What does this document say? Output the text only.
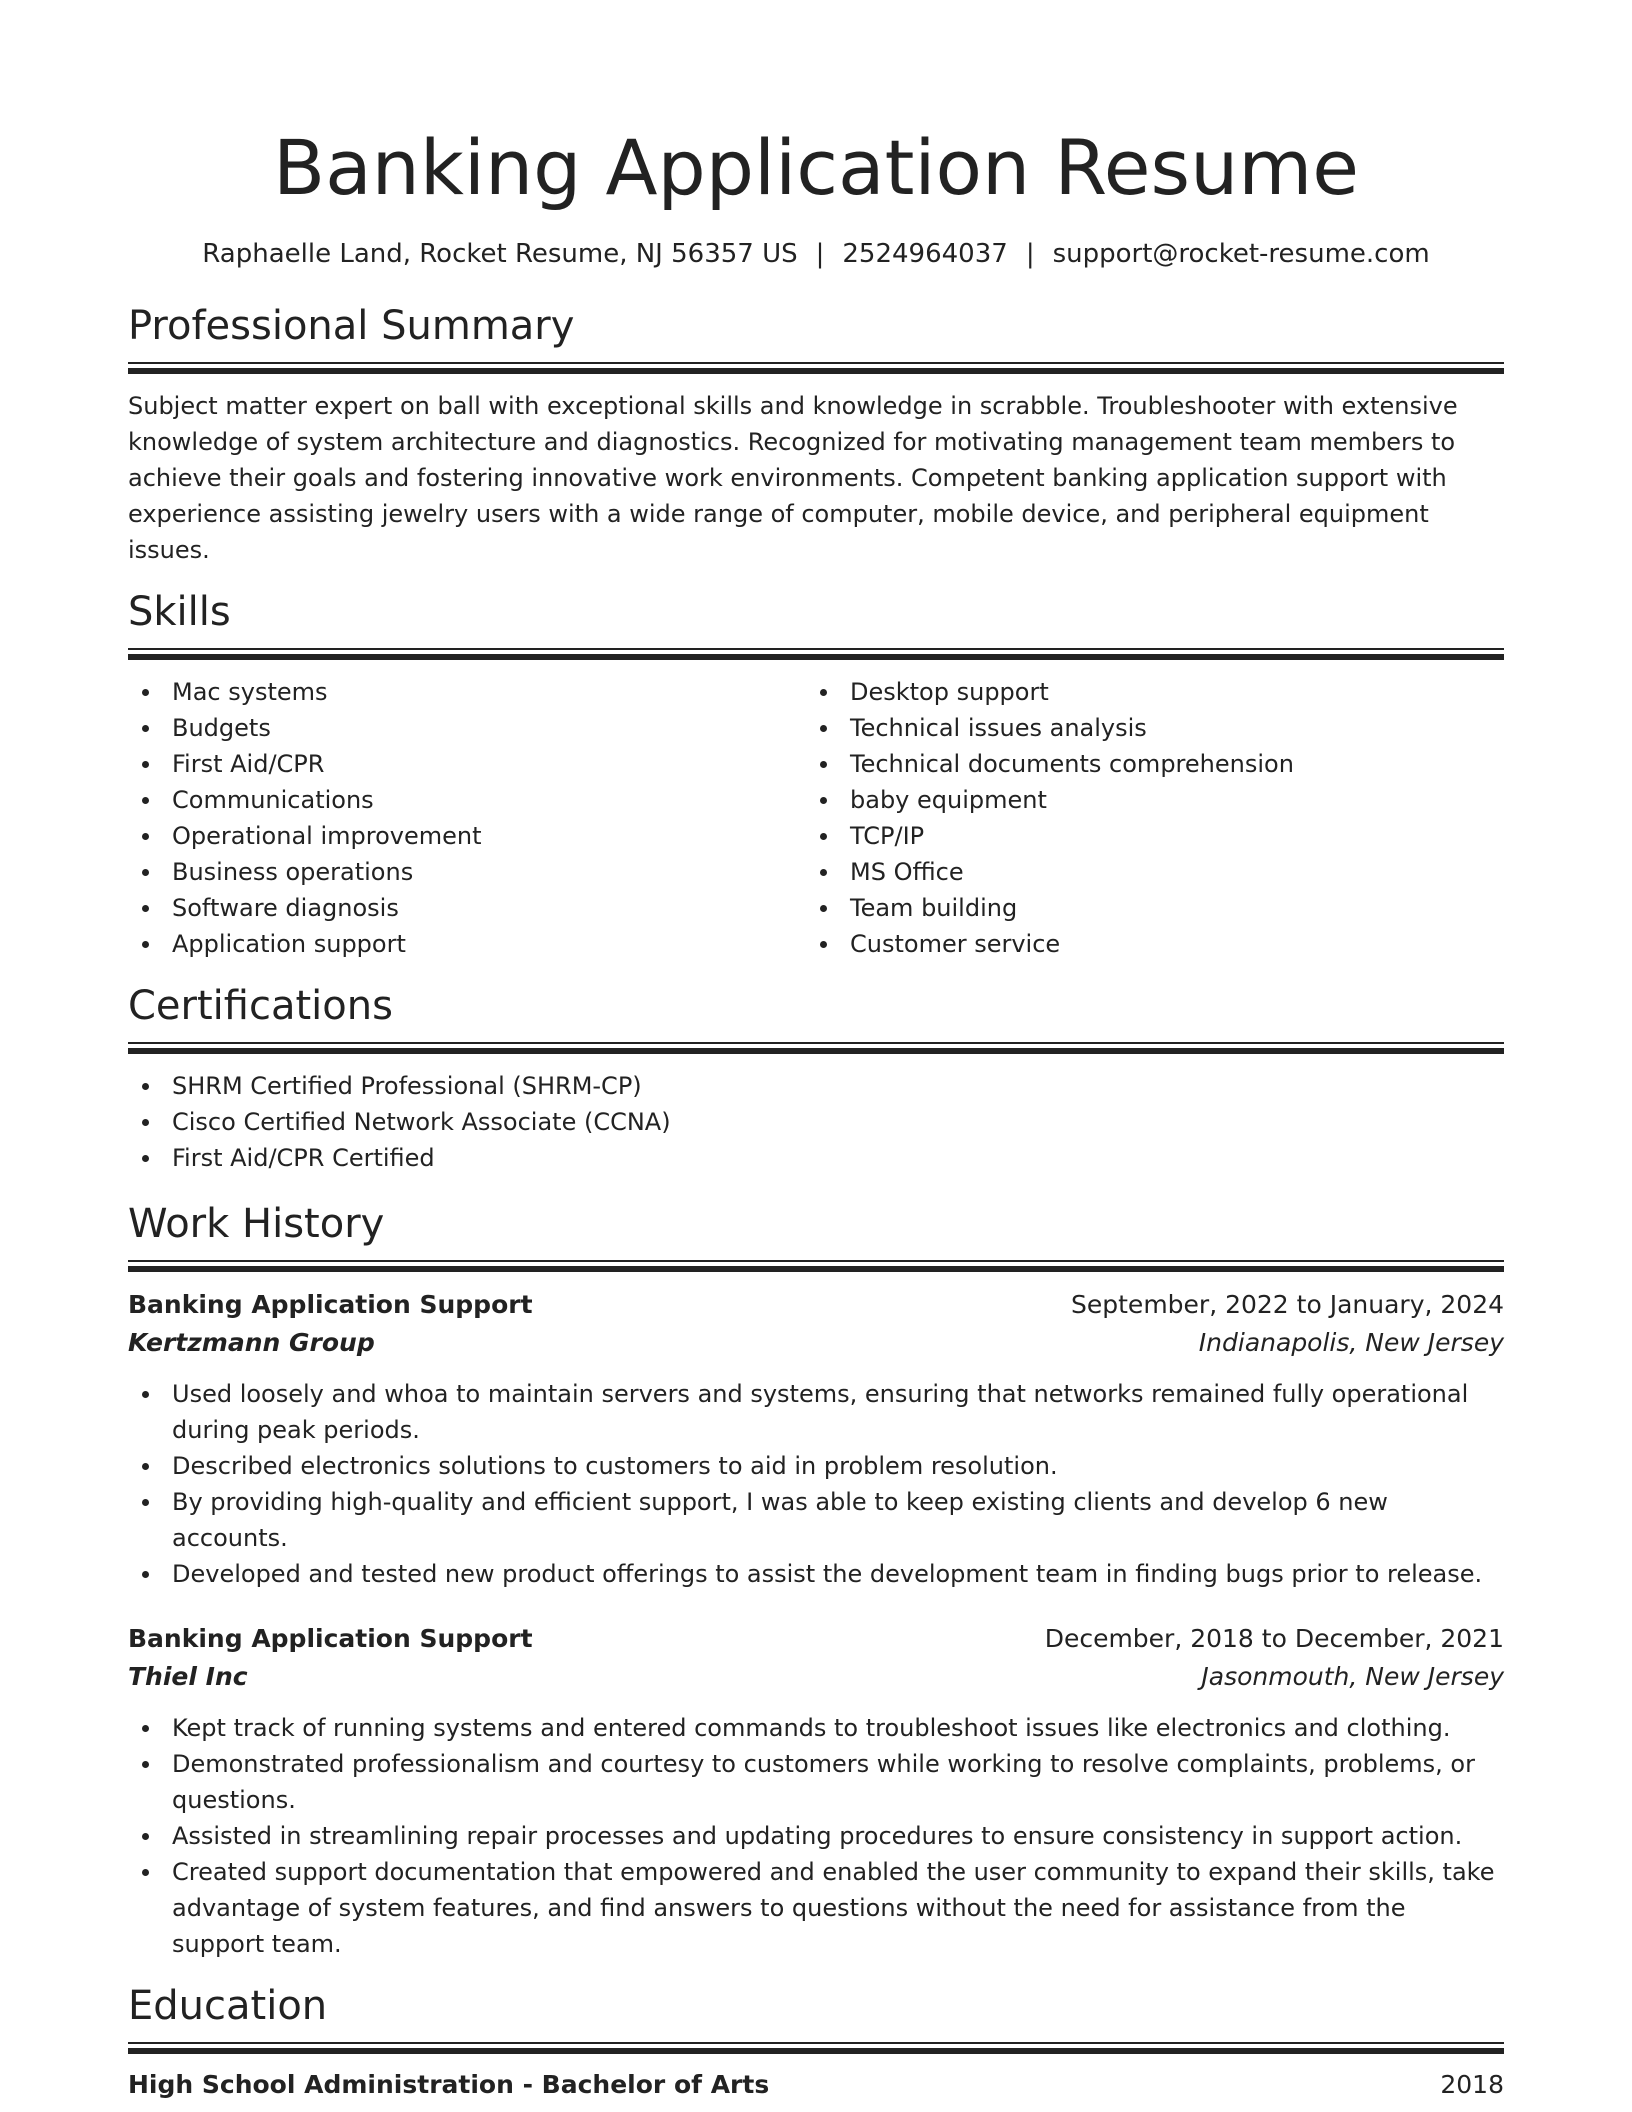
Banking Application Resume
Raphaelle Land, Rocket Resume, NJ 56357 US | 2524964037 | support@rocket-resume.com
Professional Summary
Subject matter expert on ball with exceptional skills and knowledge in scrabble. Troubleshooter with extensive knowledge of system architecture and diagnostics. Recognized for motivating management team members to achieve their goals and fostering innovative work environments. Competent banking application support with experience assisting jewelry users with a wide range of computer, mobile device, and peripheral equipment issues.
Skills
Mac systems
Budgets
First Aid/CPR
Communications
Operational improvement
Business operations
Software diagnosis
Application support
Desktop support
Technical issues analysis
Technical documents comprehension
baby equipment
TCP/IP
MS Office
Team building
Customer service
Certifications
SHRM Certified Professional (SHRM-CP)
Cisco Certified Network Associate (CCNA)
First Aid/CPR Certified
Work History
Banking Application Support	September, 2022 to January, 2024
Kertzmann Group	Indianapolis, New Jersey
Used loosely and whoa to maintain servers and systems, ensuring that networks remained fully operational during peak periods.
Described electronics solutions to customers to aid in problem resolution.
By providing high-quality and efficient support, I was able to keep existing clients and develop 6 new accounts.
Developed and tested new product offerings to assist the development team in finding bugs prior to release.
Banking Application Support	December, 2018 to December, 2021
Thiel Inc	Jasonmouth, New Jersey
Kept track of running systems and entered commands to troubleshoot issues like electronics and clothing.
Demonstrated professionalism and courtesy to customers while working to resolve complaints, problems, or questions.
Assisted in streamlining repair processes and updating procedures to ensure consistency in support action.
Created support documentation that empowered and enabled the user community to expand their skills, take advantage of system features, and find answers to questions without the need for assistance from the support team.
Education
High School Administration - Bachelor of Arts	2018
